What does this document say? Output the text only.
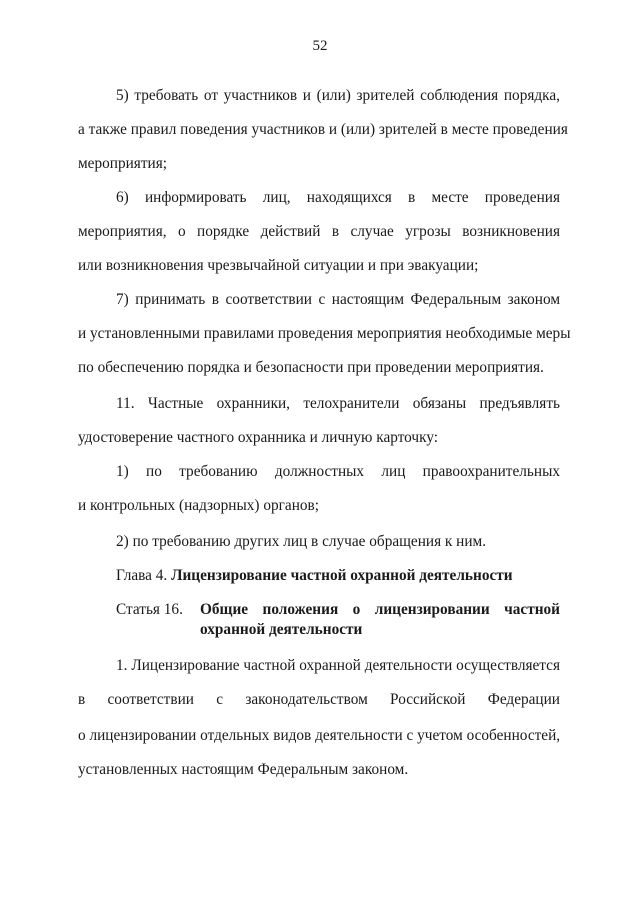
52
5) требовать от участников и (или) зрителей соблюдения порядка,
а также правил поведения участников и (или) зрителей в месте проведения
мероприятия;
6) информировать лиц, находящихся в месте проведения
мероприятия, о порядке действий в случае угрозы возникновения
или возникновения чрезвычайной ситуации и при эвакуации;
7) принимать в соответствии с настоящим Федеральным законом
и установленными правилами проведения мероприятия необходимые меры
по обеспечению порядка и безопасности при проведении мероприятия.
11. Частные охранники, телохранители обязаны предъявлять
удостоверение частного охранника и личную карточку:
1) по требованию должностных лиц правоохранительных
и контрольных (надзорных) органов;
2) по требованию других лиц в случае обращения к ним.
Глава 4. Лицензирование частной охранной деятельности
Статья 16. Общие положения о лицензировании частной
охранной деятельности
1. Лицензирование частной охранной деятельности осуществляется
в соответствии с законодательством Российской Федерации
о лицензировании отдельных видов деятельности с учетом особенностей,
установленных настоящим Федеральным законом.
